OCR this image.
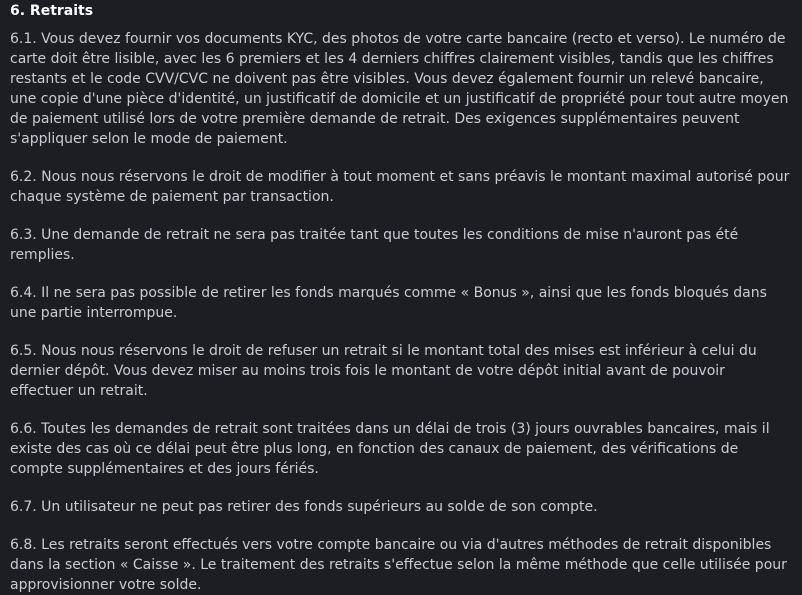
6. Retraits

6.1. Vous devez fournir vos documents KYC, des photos de votre carte bancaire (recto et verso). Le numéro de carte doit être lisible, avec les 6 premiers et les 4 derniers chiffres clairement visibles, tandis que les chiffres restants et le code CVV/CVC ne doivent pas être visibles. Vous devez également fournir un relevé bancaire, une copie d'une pièce d'identité, un justificatif de domicile et un justificatif de propriété pour tout autre moyen de paiement utilisé lors de votre première demande de retrait. Des exigences supplémentaires peuvent s'appliquer selon le mode de paiement.

6.2. Nous nous réservons le droit de modifier à tout moment et sans préavis le montant maximal autorisé pour chaque système de paiement par transaction.

6.3. Une demande de retrait ne sera pas traitée tant que toutes les conditions de mise n'auront pas été remplies.

6.4. Il ne sera pas possible de retirer les fonds marqués comme « Bonus », ainsi que les fonds bloqués dans une partie interrompue.

6.5. Nous nous réservons le droit de refuser un retrait si le montant total des mises est inférieur à celui du dernier dépôt. Vous devez miser au moins trois fois le montant de votre dépôt initial avant de pouvoir effectuer un retrait.

6.6. Toutes les demandes de retrait sont traitées dans un délai de trois (3) jours ouvrables bancaires, mais il existe des cas où ce délai peut être plus long, en fonction des canaux de paiement, des vérifications de compte supplémentaires et des jours fériés.

6.7. Un utilisateur ne peut pas retirer des fonds supérieurs au solde de son compte.

6.8. Les retraits seront effectués vers votre compte bancaire ou via d'autres méthodes de retrait disponibles dans la section « Caisse ». Le traitement des retraits s'effectue selon la même méthode que celle utilisée pour approvisionner votre solde.
